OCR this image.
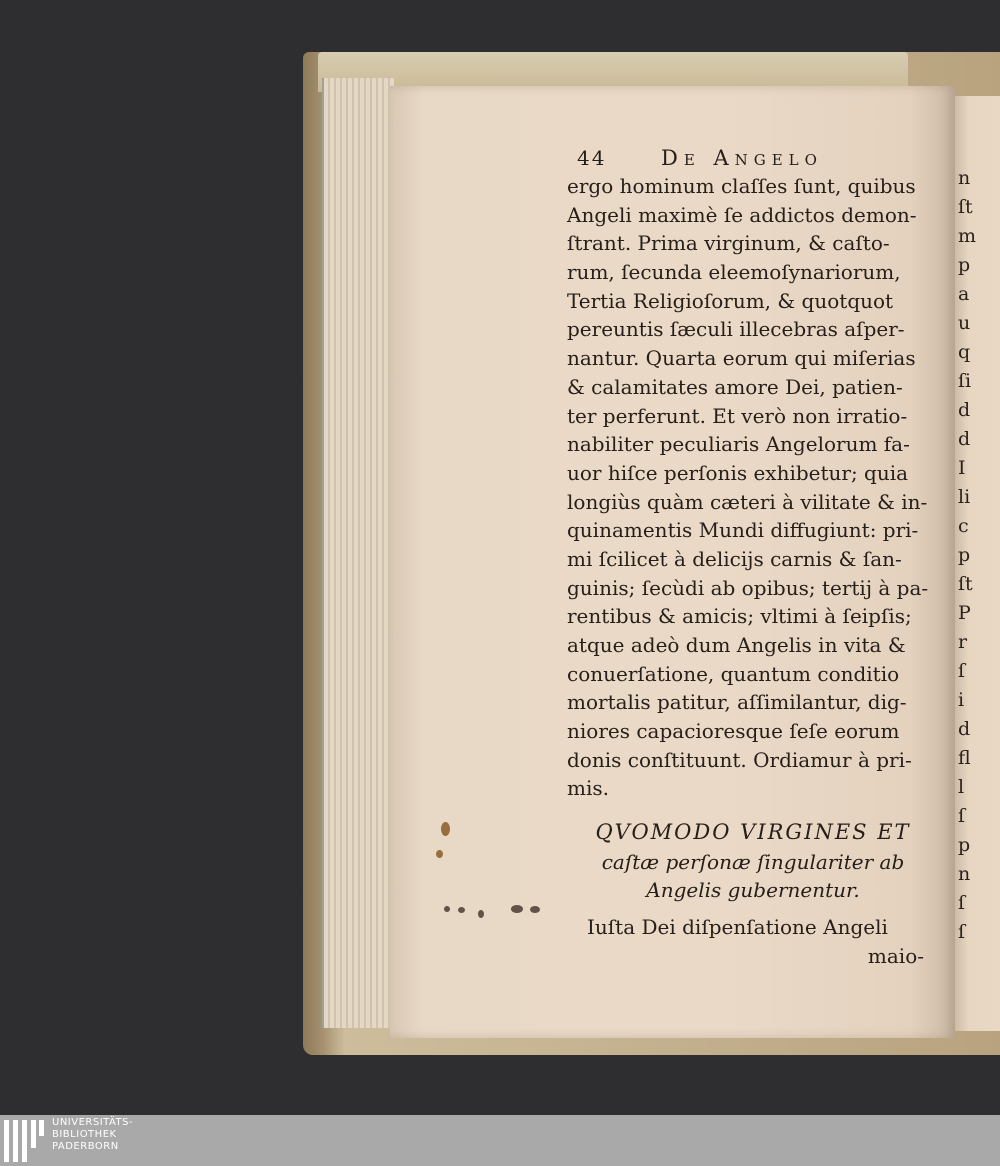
n
ſt
m
p
a
u
q
ſi
d
d
I
li
c
p
ſt
P
r
ſ
i
d
fl
l
ſ
p
n
ſ
ſ
44	De Angelo
ergo hominum claſſes ſunt, quibus
Angeli maximè ſe addictos demon-
ſtrant. Prima virginum, & caſto-
rum, ſecunda eleemoſynariorum,
Tertia Religioſorum, & quotquot
pereuntis ſæculi illecebras aſper-
nantur. Quarta eorum qui miſerias
& calamitates amore Dei, patien-
ter perferunt. Et verò non irratio-
nabiliter peculiaris Angelorum fa-
uor hiſce perſonis exhibetur; quia
longiùs quàm cæteri à vilitate & in-
quinamentis Mundi diffugiunt: pri-
mi ſcilicet à delicijs carnis & ſan-
guinis; ſecùdi ab opibus; tertij à pa-
rentibus & amicis; vltimi à ſeipſis;
atque adeò dum Angelis in vita &
conuerſatione, quantum conditio
mortalis patitur, aſſimilantur, dig-
niores capacioresque ſeſe eorum
donis conſtituunt. Ordiamur à pri-
mis.
QVOMODO VIRGINES ET
caſtæ perſonæ ſingulariter ab
Angelis gubernentur.
Iuſta Dei diſpenſatione Angeli
maio-
UNIVERSITÄTS-
BIBLIOTHEK
PADERBORN
